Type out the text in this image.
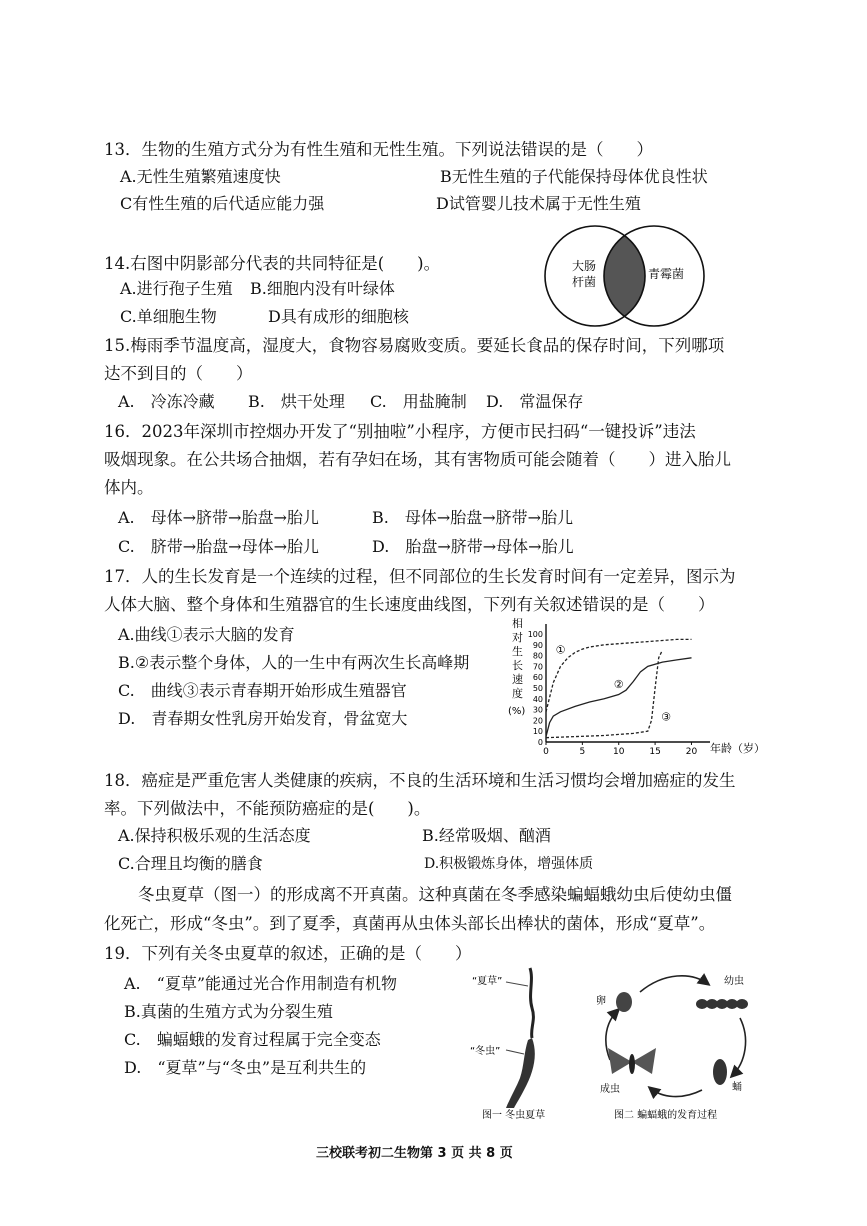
13．生物的生殖方式分为有性生殖和无性生殖。下列说法错误的是（　　）
A.无性生殖繁殖速度快	B无性生殖的子代能保持母体优良性状
C有性生殖的后代适应能力强	D试管婴儿技术属于无性生殖
14.右图中阴影部分代表的共同特征是(　　)。
A.进行孢子生殖 B.细胞内没有叶绿体
C.单细胞生物	D具有成形的细胞核
大肠
杆菌
青霉菌
15.梅雨季节温度高，湿度大，食物容易腐败变质。要延长食品的保存时间，下列哪项
达不到目的（　　）
A.　冷冻冷藏 B.　烘干处理 C.　用盐腌制 D.　常温保存
16．2023年深圳市控烟办开发了“别抽啦”小程序，方便市民扫码“一键投诉”违法
吸烟现象。在公共场合抽烟，若有孕妇在场，其有害物质可能会随着（　　）进入胎儿
体内。
A.　母体→脐带→胎盘→胎儿	B.　母体→胎盘→脐带→胎儿
C.　脐带→胎盘→母体→胎儿	D.　胎盘→脐带→母体→胎儿
17．人的生长发育是一个连续的过程，但不同部位的生长发育时间有一定差异，图示为
人体大脑、整个身体和生殖器官的生长速度曲线图，下列有关叙述错误的是（　　）
A.曲线①表示大脑的发育
B.②表示整个身体，人的一生中有两次生长高峰期
C.　曲线③表示青春期开始形成生殖器官
D.　青春期女性乳房开始发育，骨盆宽大
相
对
生
长
速
度
(%)
0
10
20
30
40
50
60
70
80
90
100
0	5	10	15	20
①
②
③
年龄（岁）
18．癌症是严重危害人类健康的疾病，不良的生活环境和生活习惯均会增加癌症的发生
率。下列做法中，不能预防癌症的是(　　)。
A.保持积极乐观的生活态度	B.经常吸烟、酗酒
C.合理且均衡的膳食	D.积极锻炼身体，增强体质
冬虫夏草（图一）的形成离不开真菌。这种真菌在冬季感染蝙蝠蛾幼虫后使幼虫僵
化死亡，形成“冬虫”。到了夏季，真菌再从虫体头部长出棒状的菌体，形成“夏草”。
19．下列有关冬虫夏草的叙述，正确的是（　　）
A.　“夏草”能通过光合作用制造有机物
B.真菌的生殖方式为分裂生殖
C.　蝙蝠蛾的发育过程属于完全变态
D.　“夏草”与“冬虫”是互利共生的
“夏草”
“冬虫”
图一 冬虫夏草
卵
幼虫
蛹
成虫
图二 蝙蝠蛾的发育过程
三校联考初二生物第 3 页 共 8 页
